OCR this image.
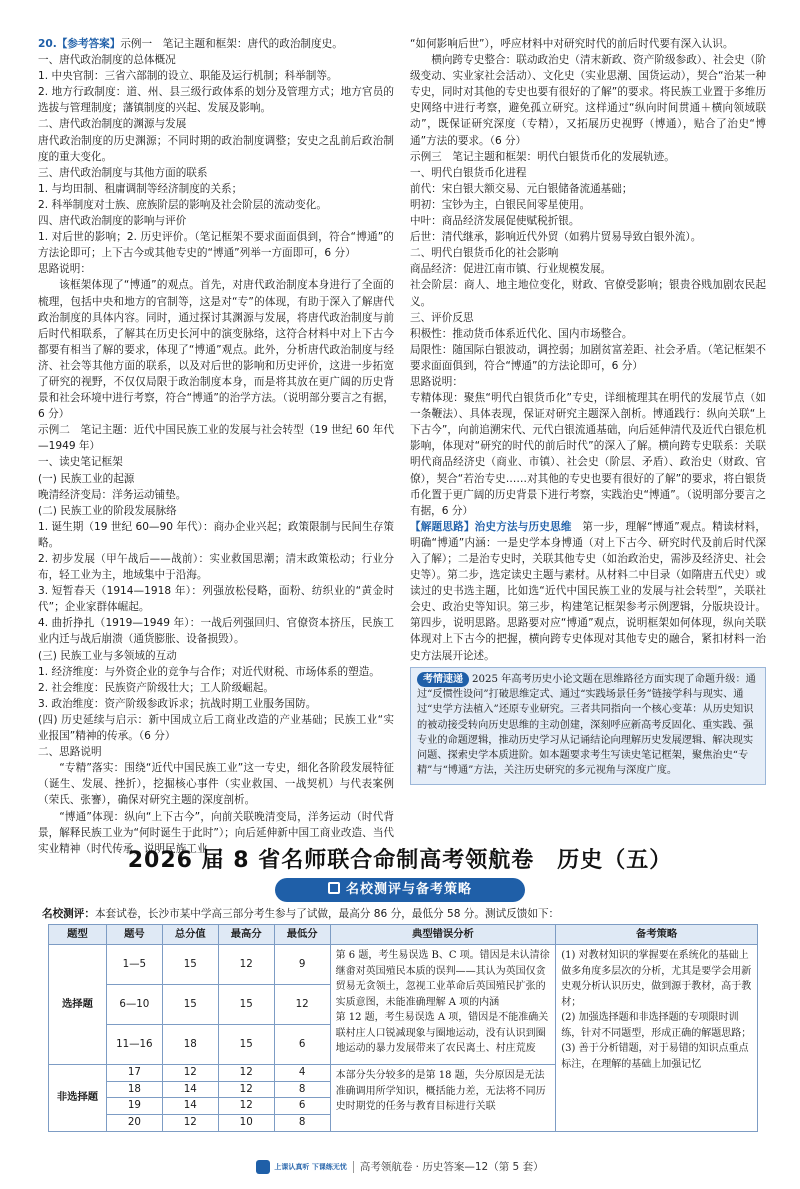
20.【参考答案】示例一　笔记主题和框架：唐代的政治制度史。

一、唐代政治制度的总体概况

1. 中央官制：三省六部制的设立、职能及运行机制；科举制等。

2. 地方行政制度：道、州、县三级行政体系的划分及管理方式；地方官员的选拔与管理制度；藩镇制度的兴起、发展及影响。

二、唐代政治制度的渊源与发展

唐代政治制度的历史渊源；不同时期的政治制度调整；安史之乱前后政治制度的重大变化。

三、唐代政治制度与其他方面的联系

1. 与均田制、租庸调制等经济制度的关系；

2. 科举制度对士族、庶族阶层的影响及社会阶层的流动变化。

四、唐代政治制度的影响与评价

1. 对后世的影响；2. 历史评价。（笔记框架不要求面面俱到，符合“博通”的方法论即可；上下古今或其他专史的“博通”列举一方面即可，6 分）

思路说明：

该框架体现了“博通”的观点。首先，对唐代政治制度本身进行了全面的梳理，包括中央和地方的官制等，这是对“专”的体现，有助于深入了解唐代政治制度的具体内容。同时，通过探讨其渊源与发展，将唐代政治制度与前后时代相联系，了解其在历史长河中的演变脉络，这符合材料中对上下古今都要有相当了解的要求，体现了“博通”观点。此外，分析唐代政治制度与经济、社会等其他方面的联系，以及对后世的影响和历史评价，这进一步拓宽了研究的视野，不仅仅局限于政治制度本身，而是将其放在更广阔的历史背景和社会环境中进行考察，符合“博通”的治学方法。（说明部分要言之有据，6 分）

示例二　笔记主题：近代中国民族工业的发展与社会转型（19 世纪 60 年代—1949 年）

一、读史笔记框架

(一) 民族工业的起源

晚清经济变局：洋务运动铺垫。

(二) 民族工业的阶段发展脉络

1. 诞生期（19 世纪 60—90 年代）：商办企业兴起；政策限制与民间生存策略。

2. 初步发展（甲午战后——战前）：实业救国思潮；清末政策松动；行业分布，轻工业为主，地域集中于沿海。

3. 短暂春天（1914—1918 年）：列强放松侵略，面粉、纺织业的“黄金时代”；企业家群体崛起。

4. 曲折挣扎（1919—1949 年）：一战后列强回归、官僚资本挤压，民族工业内迁与战后崩溃（通货膨胀、设备损毁）。

(三) 民族工业与多领域的互动

1. 经济维度：与外资企业的竞争与合作；对近代财税、市场体系的塑造。

2. 社会维度：民族资产阶级壮大；工人阶级崛起。

3. 政治维度：资产阶级参政诉求；抗战时期工业服务国防。

(四) 历史延续与启示：新中国成立后工商业改造的产业基础；民族工业“实业报国”精神的传承。（6 分）

二、思路说明

“专精”落实：围绕“近代中国民族工业”这一专史，细化各阶段发展特征（诞生、发展、挫折），挖掘核心事件（实业救国、一战契机）与代表案例（荣氏、张謇），确保对研究主题的深度剖析。

“博通”体现：纵向“上下古今”，向前关联晚清变局，洋务运动（时代背景，解释民族工业为“何时诞生于此时”）；向后延伸新中国工商业改造、当代实业精神（时代传承，说明民族工业

“如何影响后世”），呼应材料中对研究时代的前后时代要有深入认识。

横向跨专史整合：联动政治史（清末新政、资产阶级参政）、社会史（阶级变动、实业家社会活动）、文化史（实业思潮、国货运动），契合“治某一种专史，同时对其他的专史也要有很好的了解”的要求。将民族工业置于多维历史网络中进行考察，避免孤立研究。这样通过“纵向时间贯通＋横向领域联动”，既保证研究深度（专精），又拓展历史视野（博通），贴合了治史“博通”方法的要求。（6 分）

示例三　笔记主题和框架：明代白银货币化的发展轨迹。

一、明代白银货币化进程

前代：宋白银大额交易、元白银储备流通基础；

明初：宝钞为主，白银民间零星使用。

中叶：商品经济发展促使赋税折银。

后世：清代继承，影响近代外贸（如鸦片贸易导致白银外流）。

二、明代白银货币化的社会影响

商品经济：促进江南市镇、行业规模发展。

社会阶层：商人、地主地位变化，财政、官僚受影响；银贵谷贱加剧农民起义。

三、评价反思

积极性：推动货币体系近代化、国内市场整合。

局限性：随国际白银波动，调控弱；加剧贫富差距、社会矛盾。（笔记框架不要求面面俱到，符合“博通”的方法论即可，6 分）

思路说明：

专精体现：聚焦“明代白银货币化”专史，详细梳理其在明代的发展节点（如一条鞭法）、具体表现，保证对研究主题深入剖析。博通践行：纵向关联“上下古今”，向前追溯宋代、元代白银流通基础，向后延伸清代及近代白银危机影响，体现对“研究的时代的前后时代”的深入了解。横向跨专史联系：关联明代商品经济史（商业、市镇）、社会史（阶层、矛盾）、政治史（财政、官僚），契合“若治专史……对其他的专史也要有很好的了解”的要求，将白银货币化置于更广阔的历史背景下进行考察，实践治史“博通”。（说明部分要言之有据，6 分）

【解题思路】治史方法与历史思维　第一步，理解“博通”观点。精读材料，明确“博通”内涵：一是史学本身博通（对上下古今、研究时代及前后时代深入了解）；二是治专史时，关联其他专史（如治政治史，需涉及经济史、社会史等）。第二步，选定读史主题与素材。从材料二中目录（如隋唐五代史）或读过的史书选主题，比如选“近代中国民族工业的发展与社会转型”，关联社会史、政治史等知识。第三步，构建笔记框架参考示例逻辑，分版块设计。第四步，说明思路。思路要对应“博通”观点，说明框架如何体现，纵向关联体现对上下古今的把握，横向跨专史体现对其他专史的融合，紧扣材料一治史方法展开论述。

考情速递 2025 年高考历史小论文题在思维路径方面实现了命题升级：通过“反惯性设问”打破思维定式、通过“实践场景任务”链接学科与现实、通过“史学方法植入”还原专业研究。三者共同指向一个核心变革：从历史知识的被动接受转向历史思维的主动创建，深刻呼应新高考反固化、重实践、强专业的命题逻辑，推动历史学习从记诵结论向理解历史发展逻辑、解决现实问题、探索史学本质进阶。如本题要求考生写读史笔记框架，聚焦治史“专精”与“博通”方法，关注历史研究的多元视角与深度广度。
2026 届 8 省名师联合命制高考领航卷　历史（五）
名校测评与备考策略
名校测评：本套试卷，长沙市某中学高三部分考生参与了试做，最高分 86 分，最低分 58 分。测试反馈如下：
题型	题号	总分值	最高分	最低分	典型错误分析	备考策略
选择题	1—5	15	12	9	第 6 题，考生易误选 B、C 项。错因是未认清徐继畬对英国殖民本质的误判——其认为英国仅贪贸易无贪领土，忽视工业革命后英国殖民扩张的实质意图，未能准确理解 A 项的内涵
第 12 题，考生易误选 A 项，错因是不能准确关联村庄人口锐减现象与圈地运动，没有认识到圈地运动的暴力发展带来了农民离土、村庄荒废	(1) 对教材知识的掌握要在系统化的基础上做多角度多层次的分析，尤其是要学会用新史观分析认识历史，做到源于教材，高于教材；
(2) 加强选择题和非选择题的专项限时训练，针对不同题型，形成正确的解题思路；
(3) 善于分析错题，对于易错的知识点重点标注，在理解的基础上加强记忆
	6—10	15	15	12		
	11—16	18	15	6		
非选择题	17	12	12	4	本部分失分较多的是第 18 题，失分原因是无法准确调用所学知识，概括能力差，无法将不同历史时期党的任务与教育目标进行关联	
	18	14	12	8		
	19	14	12	6		
	20	12	10	8		
上课认真听 下课练无忧 高考领航卷 · 历史答案—12（第 5 套）
